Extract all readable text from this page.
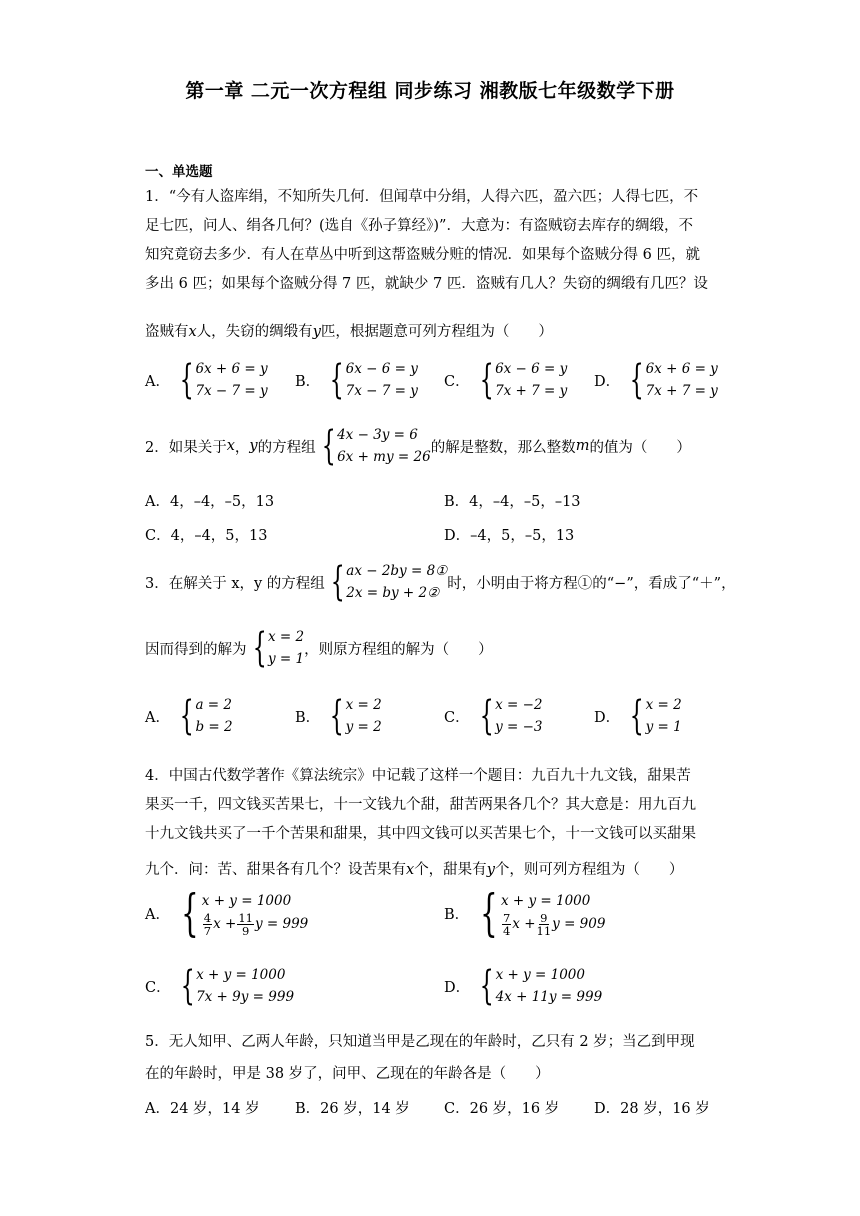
第一章 二元一次方程组 同步练习 湘教版七年级数学下册
一、单选题
1．“今有人盗库绢，不知所失几何．但闻草中分绢，人得六匹，盈六匹；人得七匹，不
足七匹，问人、绢各几何？(选自《孙子算经》)”．大意为：有盗贼窃去库存的绸缎，不
知究竟窃去多少．有人在草丛中听到这帮盗贼分赃的情况．如果每个盗贼分得 6 匹，就
多出 6 匹；如果每个盗贼分得 7 匹，就缺少 7 匹．盗贼有几人？失窃的绸缎有几匹？设
盗贼有x人，失窃的绸缎有y匹，根据题意可列方程组为（　　）
A． { 6x + 6 = y
7x − 7 = y
B． { 6x − 6 = y
7x − 7 = y
C． { 6x − 6 = y
7x + 7 = y
D． { 6x + 6 = y
7x + 7 = y
2．如果关于 x ， y 的方程组 { 4x − 3y = 6
6x + my = 26
的解是整数，那么整数 m 的值为（　　）
A． 4，–4，–5，13	B． 4，–4，–5，–13
C． 4，–4，5，13	D． –4，5，–5，13
3．在解关于 x，y 的方程组 { ax − 2by = 8①
2x = by + 2②
时，小明由于将方程①的“−”，看成了“＋”，
因而得到的解为 { x = 2
y = 1
，则原方程组的解为（　　）
A． { a = 2
b = 2
B． { x = 2
y = 2
C． { x = −2
y = −3
D． { x = 2
y = 1
4．中国古代数学著作《算法统宗》中记载了这样一个题目：九百九十九文钱，甜果苦
果买一千，四文钱买苦果七，十一文钱九个甜，甜苦两果各几个？其大意是：用九百九
十九文钱共买了一千个苦果和甜果，其中四文钱可以买苦果七个，十一文钱可以买甜果
九个．问：苦、甜果各有几个？设苦果有x个，甜果有y个，则可列方程组为（　　）
A． { x + y = 1000
$\frac{4}{7}$ $x + \frac{11}{9}$ y = 999
B． { x + y = 1000
$\frac{7}{4}$ $x + \frac{9}{11}$ y = 909
C． { x + y = 1000
7x + 9y = 999
D． { x + y = 1000
4x + 11y = 999
5．无人知甲、乙两人年龄，只知道当甲是乙现在的年龄时，乙只有 2 岁；当乙到甲现
在的年龄时，甲是 38 岁了，问甲、乙现在的年龄各是（　　）
A． 24 岁，14 岁 B． 26 岁，14 岁 C． 26 岁，16 岁 D． 28 岁，16 岁
